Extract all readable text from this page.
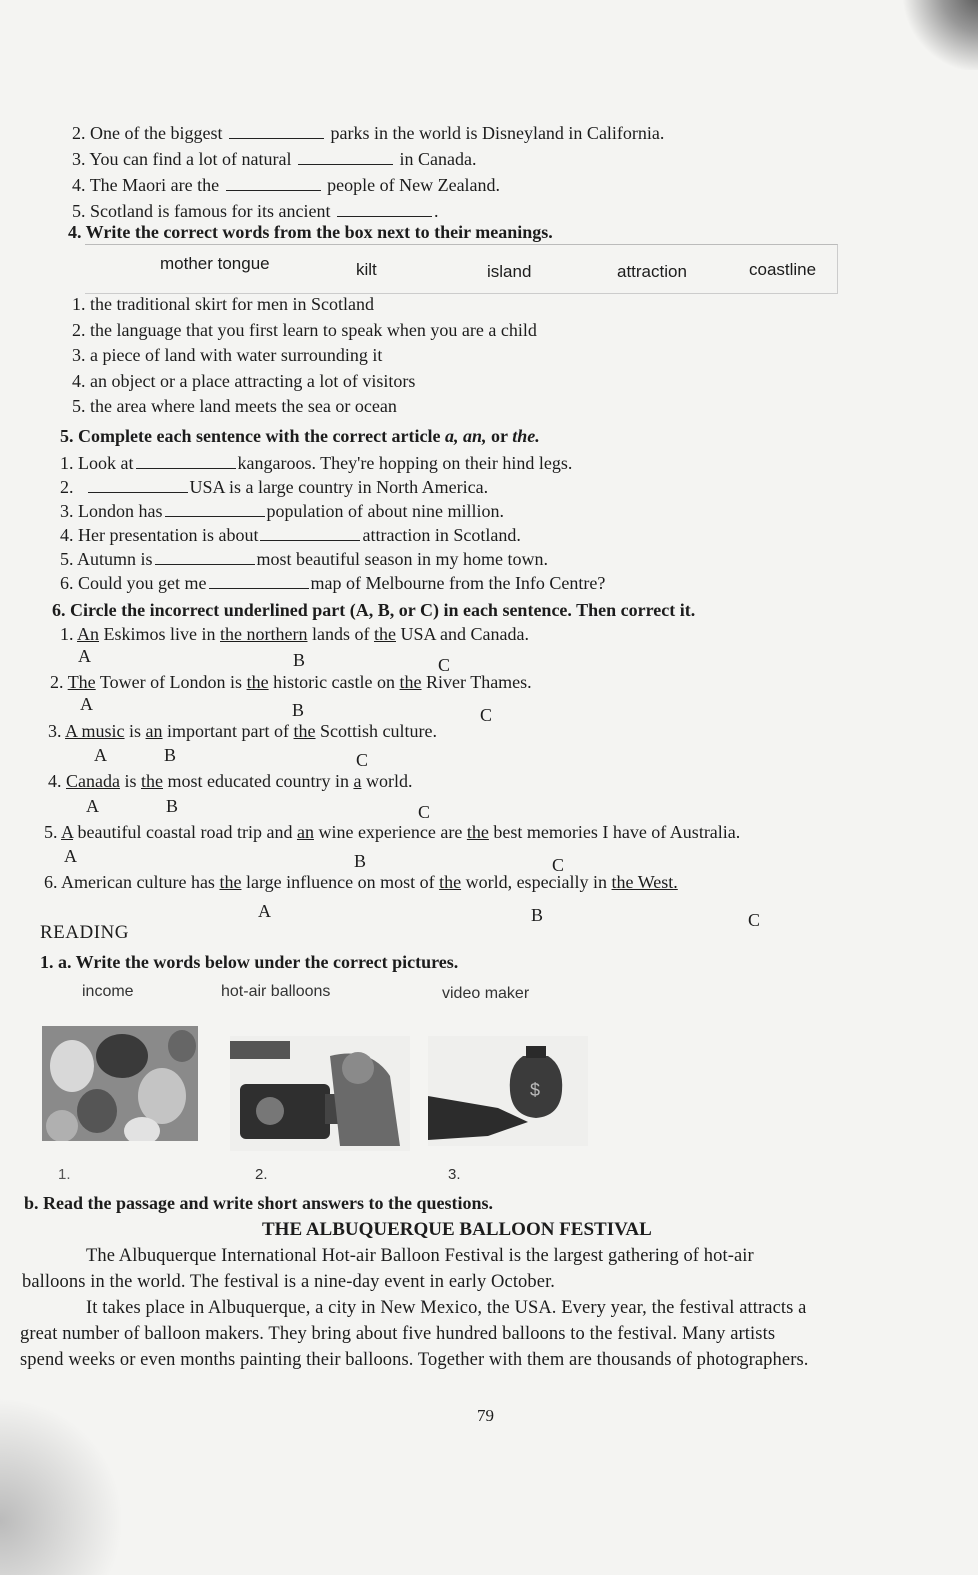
2. One of the biggest	parks in the world is Disneyland in California.
3. You can find a lot of natural	in Canada.
4. The Maori are the	people of New Zealand.
5. Scotland is famous for its ancient	.
4. Write the correct words from the box next to their meanings.
mother tongue	kilt	island	attraction	coastline
1. the traditional skirt for men in Scotland
2. the language that you first learn to speak when you are a child
3. a piece of land with water surrounding it
4. an object or a place attracting a lot of visitors
5. the area where land meets the sea or ocean
5. Complete each sentence with the correct article a, an, or the.
1. Look at	kangaroos. They're hopping on their hind legs.
2.	USA is a large country in North America.
3. London has	population of about nine million.
4. Her presentation is about	attraction in Scotland.
5. Autumn is	most beautiful season in my home town.
6. Could you get me	map of Melbourne from the Info Centre?
6. Circle the incorrect underlined part (A, B, or C) in each sentence. Then correct it.
1. An Eskimos live in the northern lands of the USA and Canada.
A	B	C
2. The Tower of London is the historic castle on the River Thames.
A	B	C
3. A music is an important part of the Scottish culture.
A	B	C
4. Canada is the most educated country in a world.
A	B	C
5. A beautiful coastal road trip and an wine experience are the best memories I have of Australia.
A	B	C
6. American culture has the large influence on most of the world, especially in the West.
A	B	C
READING
1. a. Write the words below under the correct pictures.
income	hot-air balloons	video maker
$
1.	2.	3.
b. Read the passage and write short answers to the questions.
THE ALBUQUERQUE BALLOON FESTIVAL
The Albuquerque International Hot-air Balloon Festival is the largest gathering of hot-air
balloons in the world. The festival is a nine-day event in early October.
It takes place in Albuquerque, a city in New Mexico, the USA. Every year, the festival attracts a
great number of balloon makers. They bring about five hundred balloons to the festival. Many artists
spend weeks or even months painting their balloons. Together with them are thousands of photographers.
79
